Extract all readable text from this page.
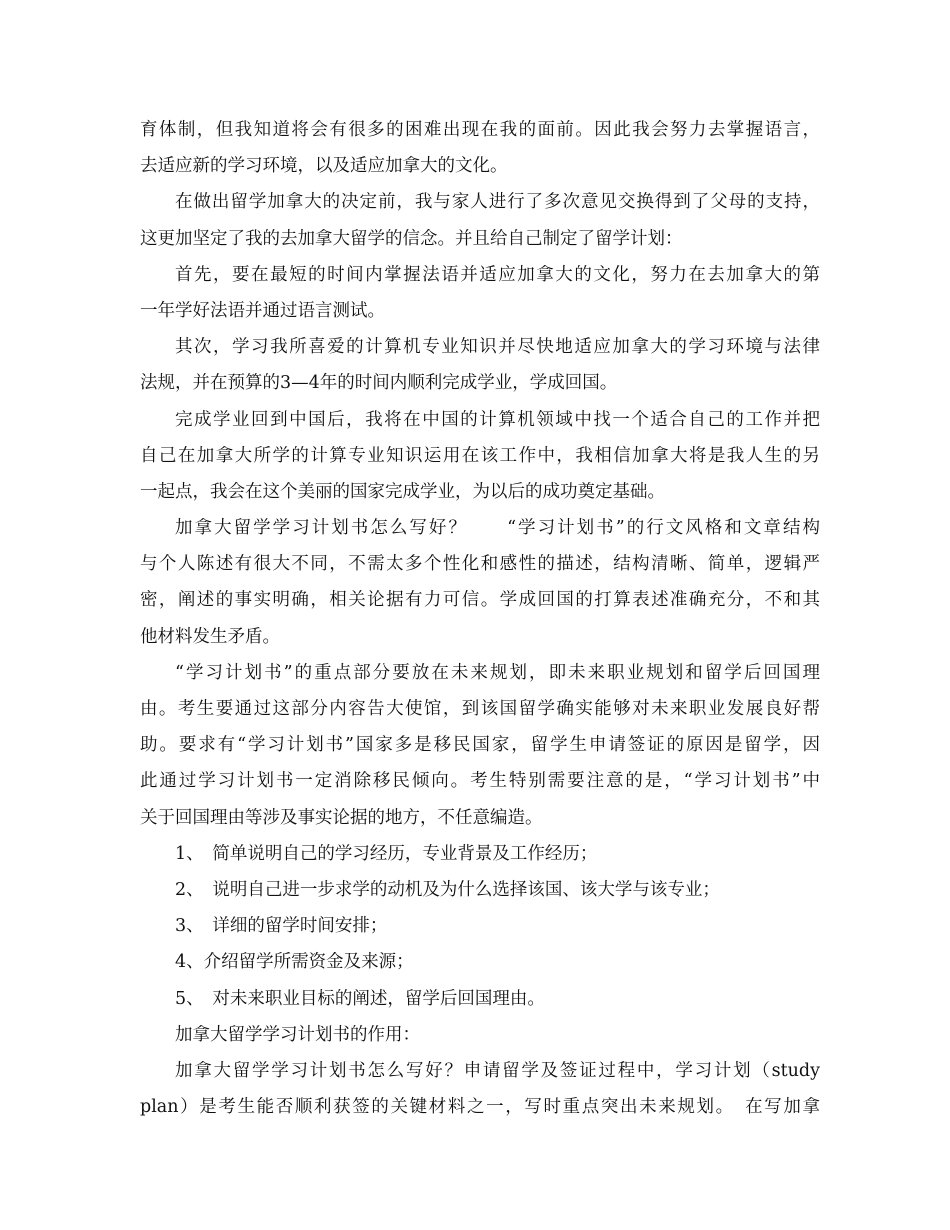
育体制，但我知道将会有很多的困难出现在我的面前。因此我会努力去掌握语言，
去适应新的学习环境，以及适应加拿大的文化。
在做出留学加拿大的决定前，我与家人进行了多次意见交换得到了父母的支持，
这更加坚定了我的去加拿大留学的信念。并且给自己制定了留学计划：
首先，要在最短的时间内掌握法语并适应加拿大的文化，努力在去加拿大的第
一年学好法语并通过语言测试。
其次，学习我所喜爱的计算机专业知识并尽快地适应加拿大的学习环境与法律
法规，并在预算的3—4年的时间内顺利完成学业，学成回国。
完成学业回到中国后，我将在中国的计算机领域中找一个适合自己的工作并把
自己在加拿大所学的计算专业知识运用在该工作中，我相信加拿大将是我人生的另
一起点，我会在这个美丽的国家完成学业，为以后的成功奠定基础。
加拿大留学学习计划书怎么写好？　　“学习计划书”的行文风格和文章结构
与个人陈述有很大不同，不需太多个性化和感性的描述，结构清晰、简单，逻辑严
密，阐述的事实明确，相关论据有力可信。学成回国的打算表述准确充分，不和其
他材料发生矛盾。
“学习计划书”的重点部分要放在未来规划，即未来职业规划和留学后回国理
由。考生要通过这部分内容告大使馆，到该国留学确实能够对未来职业发展良好帮
助。要求有“学习计划书”国家多是移民国家，留学生申请签证的原因是留学，因
此通过学习计划书一定消除移民倾向。考生特别需要注意的是，“学习计划书”中
关于回国理由等涉及事实论据的地方，不任意编造。
1、　简单说明自己的学习经历，专业背景及工作经历；
2、　说明自己进一步求学的动机及为什么选择该国、该大学与该专业；
3、　详细的留学时间安排；
4、介绍留学所需资金及来源；
5、　对未来职业目标的阐述，留学后回国理由。
加拿大留学学习计划书的作用：
加拿大留学学习计划书怎么写好？申请留学及签证过程中，学习计划（study
plan）是考生能否顺利获签的关键材料之一，写时重点突出未来规划。　在写加拿
